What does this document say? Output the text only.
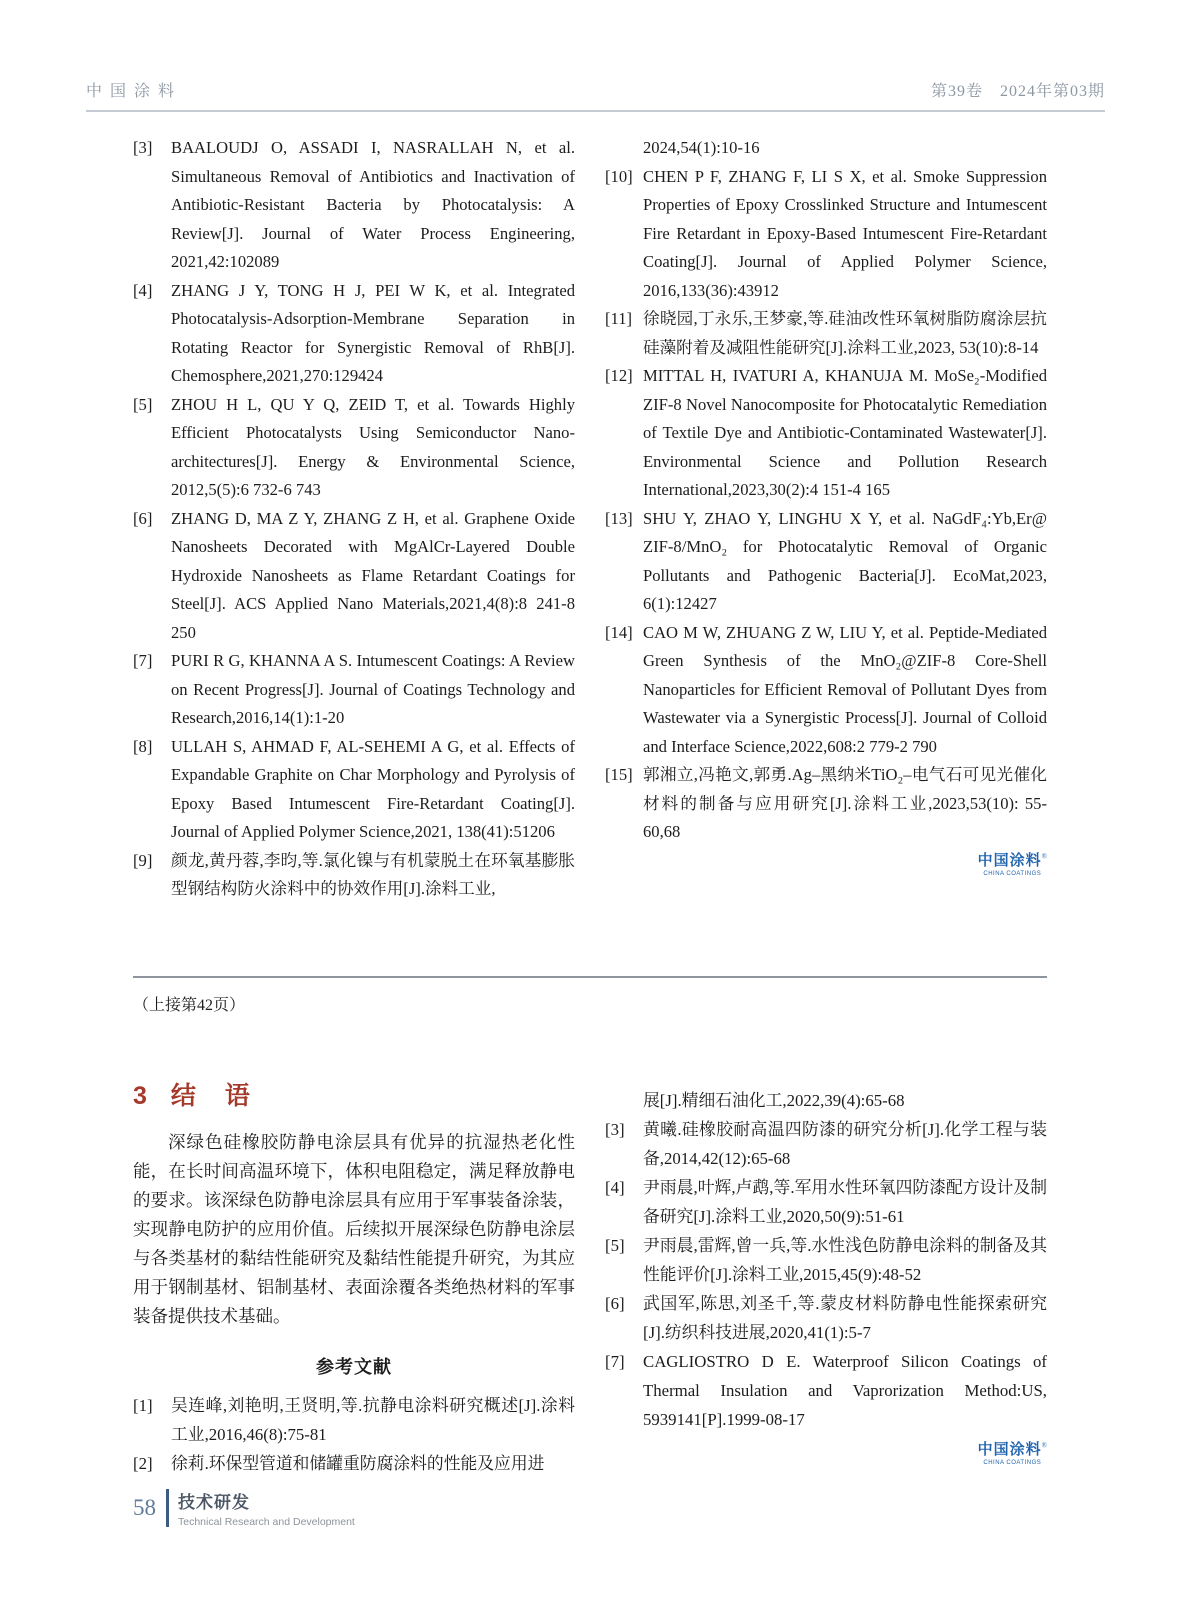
中 国 涂 料	第39卷　2024年第03期
[3]	BAALOUDJ O, ASSADI I, NASRALLAH N, et al. Simultaneous Removal of Antibiotics and Inactivation of Antibiotic-Resistant Bacteria by Photocatalysis: A Review[J]. Journal of Water Process Engineering, 2021,42:102089
[4]	ZHANG J Y, TONG H J, PEI W K, et al. Integrated Photocatalysis-Adsorption-Membrane Separation in Rotating Reactor for Synergistic Removal of RhB[J]. Chemosphere,2021,270:129424
[5]	ZHOU H L, QU Y Q, ZEID T, et al. Towards Highly Efficient Photocatalysts Using Semiconductor Nano-architectures[J]. Energy & Environmental Science, 2012,5(5):6 732-6 743
[6]	ZHANG D, MA Z Y, ZHANG Z H, et al. Graphene Oxide Nanosheets Decorated with MgAlCr-Layered Double Hydroxide Nanosheets as Flame Retardant Coatings for Steel[J]. ACS Applied Nano Materials,2021,4(8):8 241-8 250
[7]	PURI R G, KHANNA A S. Intumescent Coatings: A Review on Recent Progress[J]. Journal of Coatings Technology and Research,2016,14(1):1-20
[8]	ULLAH S, AHMAD F, AL-SEHEMI A G, et al. Effects of Expandable Graphite on Char Morphology and Pyrolysis of Epoxy Based Intumescent Fire-Retardant Coating[J]. Journal of Applied Polymer Science,2021, 138(41):51206
[9]	颜龙,黄丹蓉,李昀,等.氯化镍与有机蒙脱土在环氧基膨胀型钢结构防火涂料中的协效作用[J].涂料工业,
2024,54(1):10-16
[10] CHEN P F, ZHANG F, LI S X, et al. Smoke Suppression Properties of Epoxy Crosslinked Structure and Intumescent Fire Retardant in Epoxy-Based Intumescent Fire-Retardant Coating[J]. Journal of Applied Polymer Science, 2016,133(36):43912
[11] 徐晓园,丁永乐,王梦豪,等.硅油改性环氧树脂防腐涂层抗硅藻附着及减阻性能研究[J].涂料工业,2023, 53(10):8-14
[12] MITTAL H, IVATURI A, KHANUJA M. MoSe₂-Modified ZIF-8 Novel Nanocomposite for Photocatalytic Remediation of Textile Dye and Antibiotic-Contaminated Wastewater[J]. Environmental Science and Pollution Research International,2023,30(2):4 151-4 165
[13] SHU Y, ZHAO Y, LINGHU X Y, et al. NaGdF₄:Yb,Er@ ZIF-8/MnO₂ for Photocatalytic Removal of Organic Pollutants and Pathogenic Bacteria[J]. EcoMat,2023, 6(1):12427
[14] CAO M W, ZHUANG Z W, LIU Y, et al. Peptide-Mediated Green Synthesis of the MnO₂@ZIF-8 Core-Shell Nanoparticles for Efficient Removal of Pollutant Dyes from Wastewater via a Synergistic Process[J]. Journal of Colloid and Interface Science,2022,608:2 779-2 790
[15] 郭湘立,冯艳文,郭勇.Ag–黑纳米TiO₂–电气石可见光催化材料的制备与应用研究[J].涂料工业,2023,53(10): 55-60,68
中国涂料®
CHINA COATINGS
（上接第42页）
3 结　语

深绿色硅橡胶防静电涂层具有优异的抗湿热老化性能，在长时间高温环境下，体积电阻稳定，满足释放静电的要求。该深绿色防静电涂层具有应用于军事装备涂装，实现静电防护的应用价值。后续拟开展深绿色防静电涂层与各类基材的黏结性能研究及黏结性能提升研究，为其应用于钢制基材、铝制基材、表面涂覆各类绝热材料的军事装备提供技术基础。

参考文献
[1]	吴连峰,刘艳明,王贤明,等.抗静电涂料研究概述[J].涂料工业,2016,46(8):75-81
[2]	徐莉.环保型管道和储罐重防腐涂料的性能及应用进
展[J].精细石油化工,2022,39(4):65-68
[3]	黄曦.硅橡胶耐高温四防漆的研究分析[J].化学工程与装备,2014,42(12):65-68
[4]	尹雨晨,叶辉,卢鹉,等.军用水性环氧四防漆配方设计及制备研究[J].涂料工业,2020,50(9):51-61
[5]	尹雨晨,雷辉,曾一兵,等.水性浅色防静电涂料的制备及其性能评价[J].涂料工业,2015,45(9):48-52
[6]	武国军,陈思,刘圣千,等.蒙皮材料防静电性能探索研究[J].纺织科技进展,2020,41(1):5-7
[7]	CAGLIOSTRO D E. Waterproof Silicon Coatings of Thermal Insulation and Vaprorization Method:US, 5939141[P].1999-08-17
中国涂料®
CHINA COATINGS
58 技术研发
Technical Research and Development
